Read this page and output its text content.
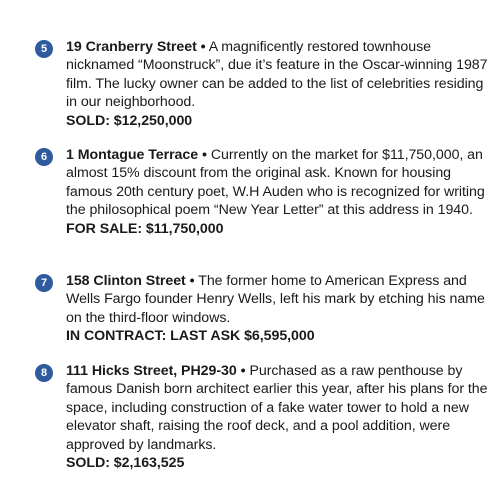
5	19 Cranberry Street • A magnificently restored townhouse nicknamed “Moonstruck”, due it’s feature in the Oscar-winning 1987 film. The lucky owner can be added to the list of celebrities residing in our neighborhood.
SOLD: $12,250,000
6	1 Montague Terrace • Currently on the market for $11,750,000, an almost 15% discount from the original ask. Known for housing famous 20th century poet, W.H Auden who is recognized for writing the philosophical poem “New Year Letter” at this address in 1940.
FOR SALE: $11,750,000
7	158 Clinton Street • The former home to American Express and Wells Fargo founder Henry Wells, left his mark by etching his name on the third-floor windows.
IN CONTRACT: LAST ASK $6,595,000
8	111 Hicks Street, PH29-30 • Purchased as a raw penthouse by famous Danish born architect earlier this year, after his plans for the space, including construction of a fake water tower to hold a new elevator shaft, raising the roof deck, and a pool addition, were approved by landmarks.
SOLD: $2,163,525
